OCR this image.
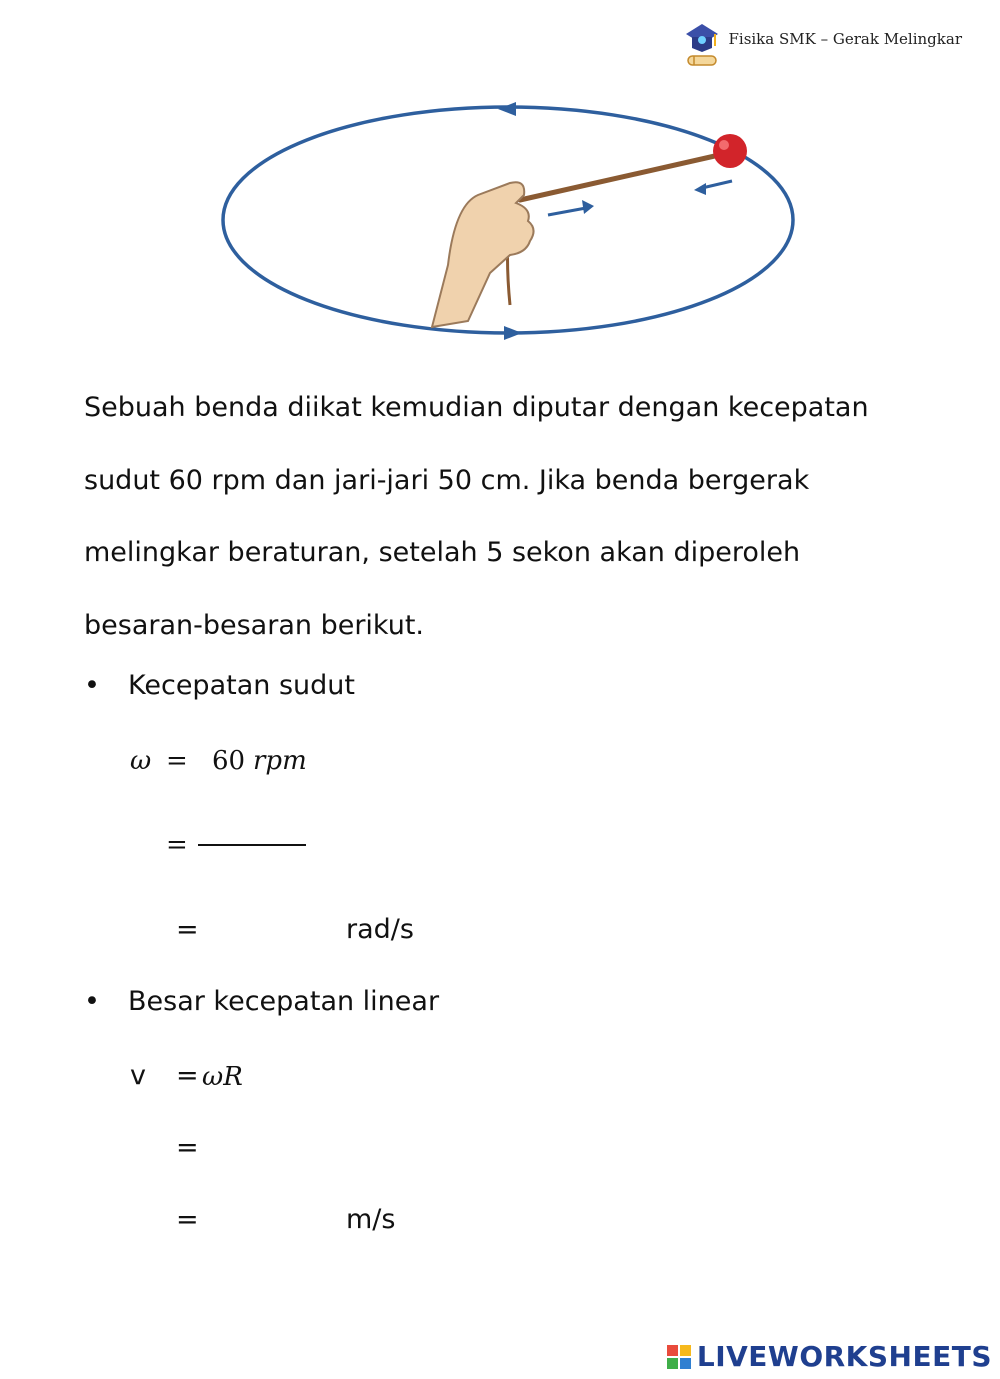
Fisika SMK – Gerak Melingkar
Sebuah benda diikat kemudian diputar dengan kecepatan
sudut 60 rpm dan jari-jari 50 cm. Jika benda bergerak
melingkar beraturan, setelah 5 sekon akan diperoleh
besaran-besaran berikut.
•	Kecepatan sudut
ω = 60 rpm
=
=	rad/s
•	Besar kecepatan linear
v = ωR
=
=	m/s
LIVEWORKSHEETS
